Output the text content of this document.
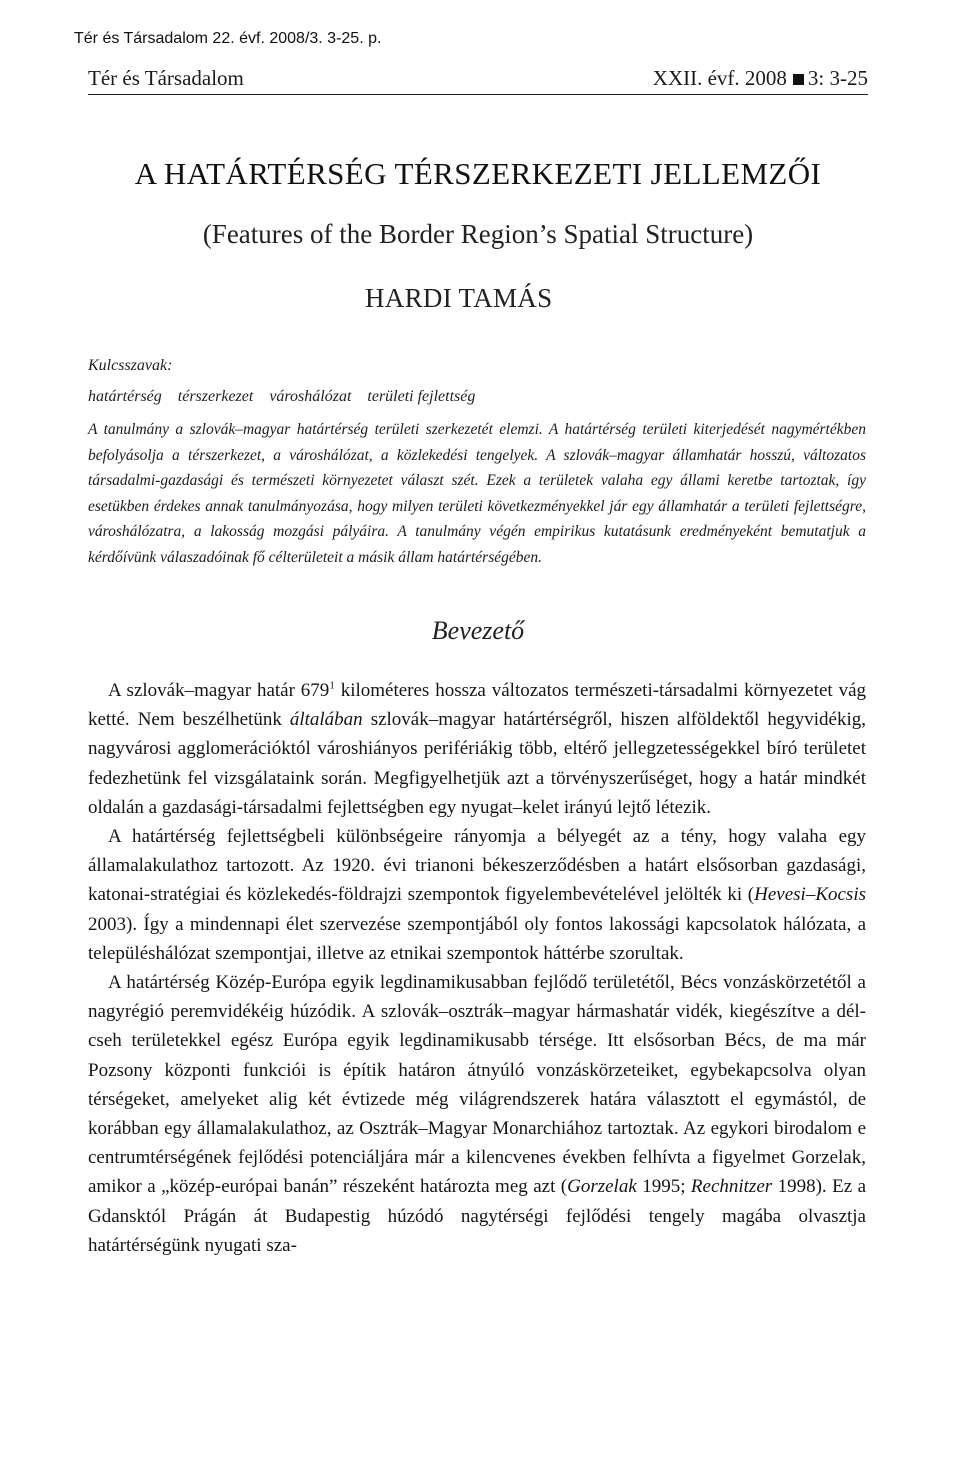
Tér és Társadalom 22. évf. 2008/3. 3-25. p.
Tér és Társadalom	XXII. évf. 2008 3: 3-25
A HATÁRTÉRSÉG TÉRSZERKEZETI JELLEMZŐI
(Features of the Border Region’s Spatial Structure)
HARDI TAMÁS
Kulcsszavak:
határtérség térszerkezet városhálózat területi fejlettség
A tanulmány a szlovák–magyar határtérség területi szerkezetét elemzi. A határtérség területi kiterjedését nagymértékben befolyásolja a térszerkezet, a városhálózat, a közlekedési tengelyek. A szlovák–magyar államhatár hosszú, változatos társadalmi-gazdasági és természeti környezetet választ szét. Ezek a területek valaha egy állami keretbe tartoztak, így esetükben érdekes annak tanulmányozása, hogy milyen területi következményekkel jár egy államhatár a területi fejlettségre, városhálózatra, a lakosság mozgási pályáira. A tanulmány végén empirikus kutatásunk eredményeként bemutatjuk a kérdőívünk válaszadóinak fő célterületeit a másik állam határtérségében.
Bevezető

A szlovák–magyar határ 679$^1$ kilométeres hossza változatos természeti-társadalmi környezetet vág ketté. Nem beszélhetünk általában szlovák–magyar határtérségről, hiszen alföldektől hegyvidékig, nagyvárosi agglomerációktól városhiányos perifériákig több, eltérő jellegzetességekkel bíró területet fedezhetünk fel vizsgálataink során. Megfigyelhetjük azt a törvényszerűséget, hogy a határ mindkét oldalán a gazdasági-társadalmi fejlettségben egy nyugat–kelet irányú lejtő létezik.

A határtérség fejlettségbeli különbségeire rányomja a bélyegét az a tény, hogy valaha egy államalakulathoz tartozott. Az 1920. évi trianoni békeszerződésben a határt elsősorban gazdasági, katonai-stratégiai és közlekedés-földrajzi szempontok figyelembevételével jelölték ki (Hevesi–Kocsis 2003). Így a mindennapi élet szervezése szempontjából oly fontos lakossági kapcsolatok hálózata, a településhálózat szempontjai, illetve az etnikai szempontok háttérbe szorultak.

A határtérség Közép-Európa egyik legdinamikusabban fejlődő területétől, Bécs vonzáskörzetétől a nagyrégió peremvidékéig húzódik. A szlovák–osztrák–magyar hármashatár vidék, kiegészítve a dél-cseh területekkel egész Európa egyik legdinamikusabb térsége. Itt elsősorban Bécs, de ma már Pozsony központi funkciói is építik határon átnyúló vonzáskörzeteiket, egybekapcsolva olyan térségeket, amelyeket alig két évtizede még világrendszerek határa választott el egymástól, de korábban egy államalakulathoz, az Osztrák–Magyar Monarchiához tartoztak. Az egykori birodalom e centrumtérségének fejlődési potenciáljára már a kilencvenes években felhívta a figyelmet Gorzelak, amikor a „közép-európai banán” részeként határozta meg azt (Gorzelak 1995; Rechnitzer 1998). Ez a Gdansktól Prágán át Budapestig húzódó nagytérségi fejlődési tengely magába olvasztja határtérségünk nyugati sza-
